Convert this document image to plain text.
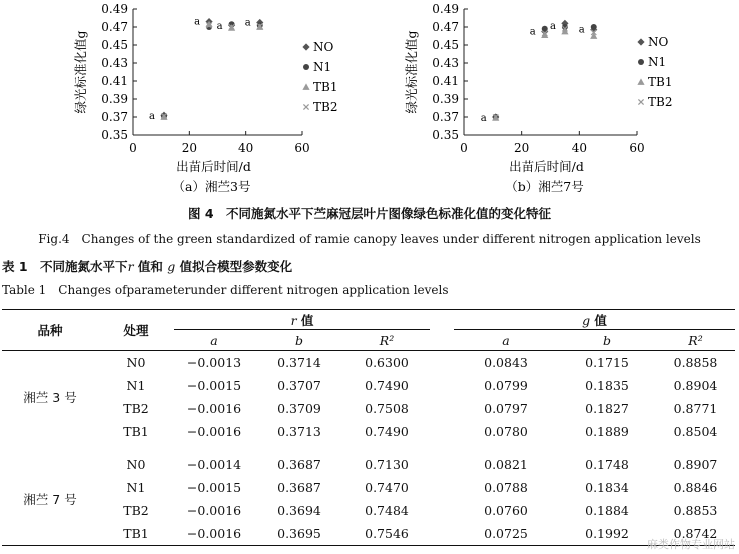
0.35
0.37
0.39
0.41
0.43
0.45
0.47
0.49
0	20	40	60
出苗后时间/d
绿光标准化值g
（a）湘苎3号
a
a a a
NO
N1
TB1
TB2
0.35
0.37
0.39
0.41
0.43
0.45
0.47
0.49
0	20	40	60
出苗后时间/d
绿光标准化值g
（b）湘苎7号
a
a a a
NO
N1
TB1
TB2
图 4　不同施氮水平下苎麻冠层叶片图像绿色标准化值的变化特征
Fig.4　Changes of the green standardized of ramie canopy leaves under different nitrogen application levels
表 1　不同施氮水平下r 值和 g 值拟合模型参数变化
Table 1　Changes ofparameterunder different nitrogen application levels
品种	处理	r 值				g 值		
		a	b	R²		a	b	R²
湘苎 3 号	N0	−0.0013	0.3714	0.6300		0.0843	0.1715	0.8858
	N1	−0.0015	0.3707	0.7490		0.0799	0.1835	0.8904
	TB2	−0.0016	0.3709	0.7508		0.0797	0.1827	0.8771
	TB1	−0.0016	0.3713	0.7490		0.0780	0.1889	0.8504

湘苎 7 号	N0	−0.0014	0.3687	0.7130		0.0821	0.1748	0.8907
	N1	−0.0015	0.3687	0.7470		0.0788	0.1834	0.8846
	TB2	−0.0016	0.3694	0.7484		0.0760	0.1884	0.8853
	TB1	−0.0016	0.3695	0.7546		0.0725	0.1992	0.8742
麻类作物专业网站
